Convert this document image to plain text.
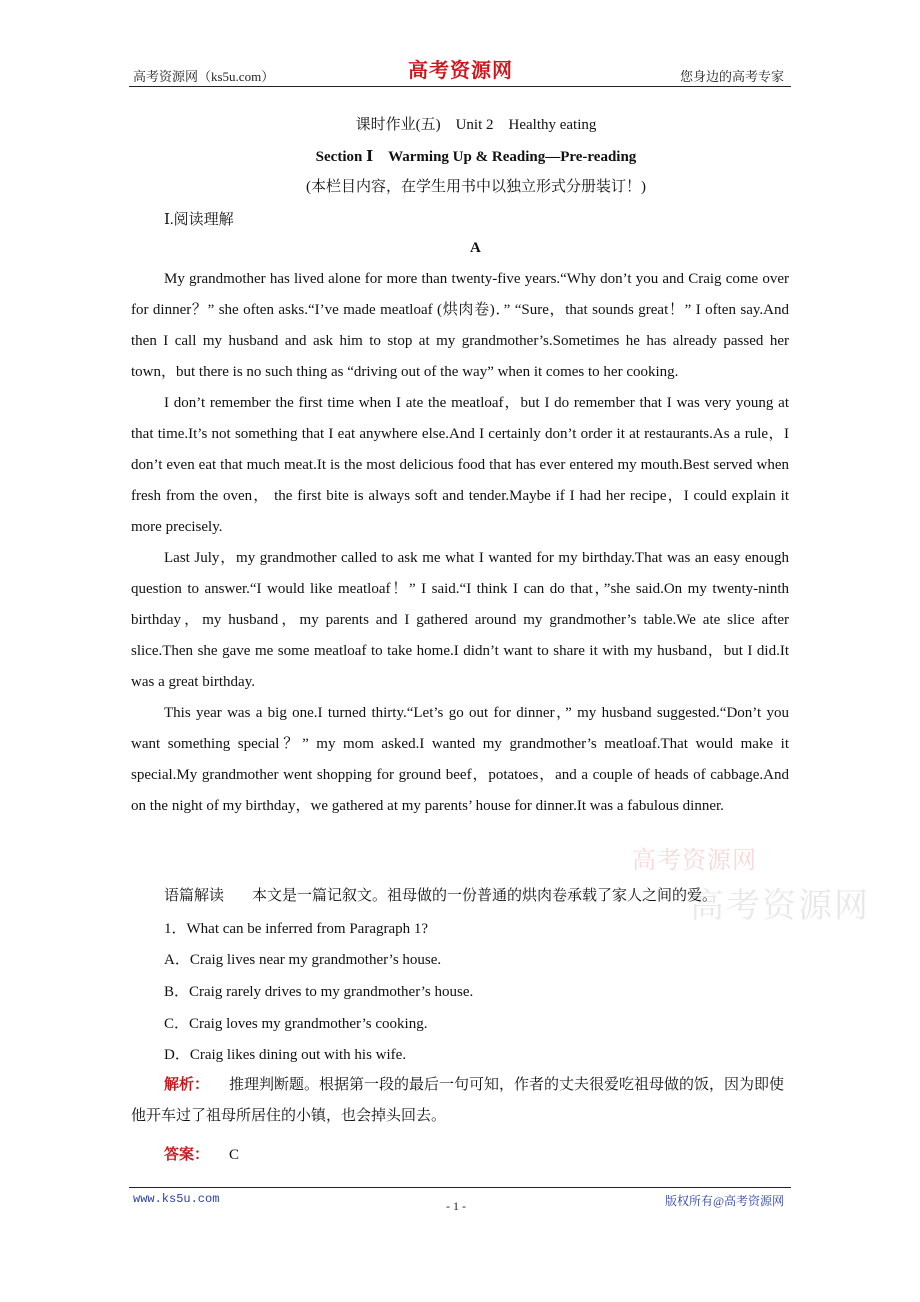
高考资源网（ks5u.com）	高考资源网	您身边的高考专家
课时作业(五)　Unit 2　Healthy eating
Section Ⅰ　Warming Up & Reading—Pre-reading
(本栏目内容，在学生用书中以独立形式分册装订！)
Ⅰ.阅读理解
A

My grandmother has lived alone for more than twenty-five years.“Why don’t you and Craig come over for dinner？” she often asks.“I’ve made meatloaf (烘肉卷)．” “Sure，that sounds great！” I often say.And then I call my husband and ask him to stop at my grandmother’s.Sometimes he has already passed her town，but there is no such thing as “driving out of the way” when it comes to her cooking.

I don’t remember the first time when I ate the meatloaf，but I do remember that I was very young at that time.It’s not something that I eat anywhere else.And I certainly don’t order it at restaurants.As a rule，I don’t even eat that much meat.It is the most delicious food that has ever entered my mouth.Best served when fresh from the oven， the first bite is always soft and tender.Maybe if I had her recipe，I could explain it more precisely.

Last July，my grandmother called to ask me what I wanted for my birthday.That was an easy enough question to answer.“I would like meatloaf！” I said.“I think I can do that，”she said.On my twenty-ninth birthday，my husband，my parents and I gathered around my grandmother’s table.We ate slice after slice.Then she gave me some meatloaf to take home.I didn’t want to share it with my husband，but I did.It was a great birthday.

This year was a big one.I turned thirty.“Let’s go out for dinner，” my husband suggested.“Don’t you want something special？” my mom asked.I wanted my grandmother’s meatloaf.That would make it special.My grandmother went shopping for ground beef，potatoes，and a couple of heads of cabbage.And on the night of my birthday，we gathered at my parents’ house for dinner.It was a fabulous dinner.

高考资源网
高考资源网
语篇解读 本文是一篇记叙文。祖母做的一份普通的烘肉卷承载了家人之间的爱。
1．What can be inferred from Paragraph 1?
A．Craig lives near my grandmother’s house.
B．Craig rarely drives to my grandmother’s house.
C．Craig loves my grandmother’s cooking.
D．Craig likes dining out with his wife.
解析： 推理判断题。根据第一段的最后一句可知，作者的丈夫很爱吃祖母做的饭，因为即使他开车过了祖母所居住的小镇，也会掉头回去。
答案： C
www.ks5u.com	- 1 -	版权所有@高考资源网
